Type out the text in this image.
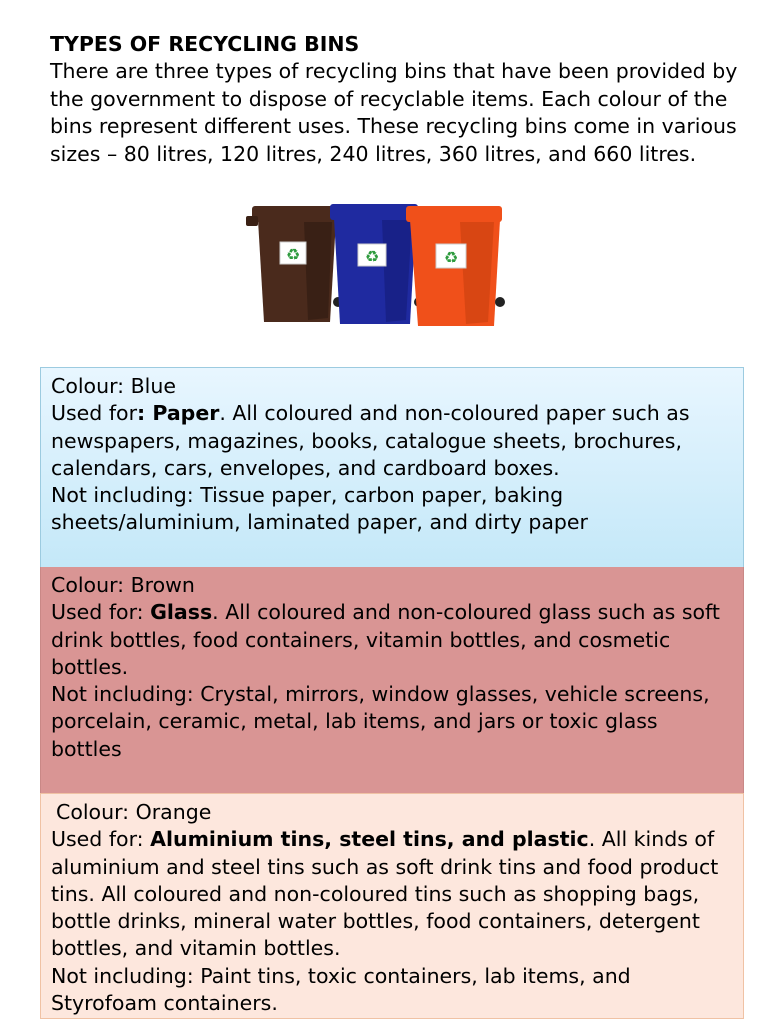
TYPES OF RECYCLING BINS

There are three types of recycling bins that have been provided by the government to dispose of recyclable items. Each colour of the bins represent different uses. These recycling bins come in various sizes – 80 litres, 120 litres, 240 litres, 360 litres, and 660 litres.

♻	♻	♻

Colour: Blue

Used for: Paper. All coloured and non-coloured paper such as newspapers, magazines, books, catalogue sheets, brochures, calendars, cars, envelopes, and cardboard boxes.

Not including: Tissue paper, carbon paper, baking sheets/aluminium, laminated paper, and dirty paper

Colour: Brown

Used for: Glass. All coloured and non-coloured glass such as soft drink bottles, food containers, vitamin bottles, and cosmetic bottles.

Not including: Crystal, mirrors, window glasses, vehicle screens, porcelain, ceramic, metal, lab items, and jars or toxic glass bottles

Colour: Orange

Used for: Aluminium tins, steel tins, and plastic. All kinds of aluminium and steel tins such as soft drink tins and food product tins. All coloured and non-coloured tins such as shopping bags, bottle drinks, mineral water bottles, food containers, detergent bottles, and vitamin bottles.

Not including: Paint tins, toxic containers, lab items, and Styrofoam containers.
